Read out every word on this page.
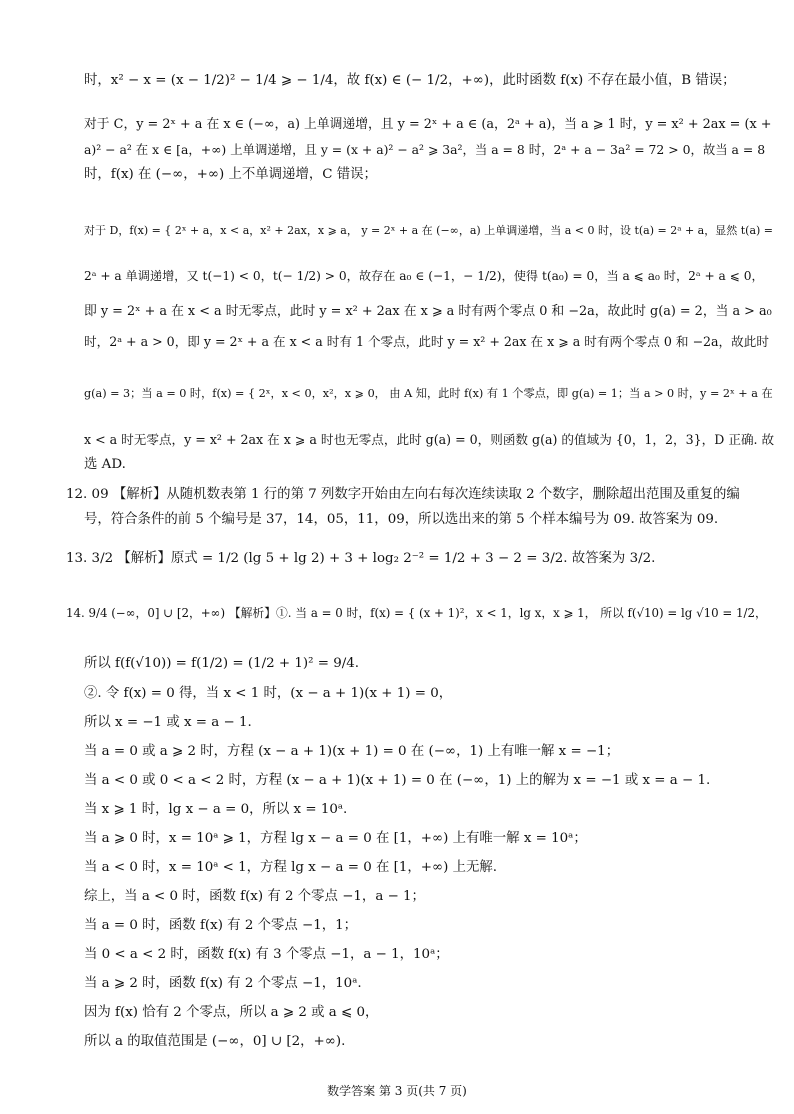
时，x² − x = (x − 1/2)² − 1/4 ⩾ − 1/4，故 f(x) ∈ (− 1/2，+∞)，此时函数 f(x) 不存在最小值，B 错误；
对于 C，y = 2ˣ + a 在 x ∈ (−∞，a) 上单调递增，且 y = 2ˣ + a ∈ (a，2ᵃ + a)，当 a ⩾ 1 时，y = x² + 2ax = (x +
a)² − a² 在 x ∈ [a，+∞) 上单调递增，且 y = (x + a)² − a² ⩾ 3a²，当 a = 8 时，2ᵃ + a − 3a² = 72 > 0，故当 a = 8
时，f(x) 在 (−∞，+∞) 上不单调递增，C 错误；
对于 D，f(x) = { 2ˣ + a，x < a，x² + 2ax，x ⩾ a， y = 2ˣ + a 在 (−∞，a) 上单调递增，当 a < 0 时，设 t(a) = 2ᵃ + a，显然 t(a) =
2ᵃ + a 单调递增，又 t(−1) < 0，t(− 1/2) > 0，故存在 a₀ ∈ (−1，− 1/2)，使得 t(a₀) = 0，当 a ⩽ a₀ 时，2ᵃ + a ⩽ 0，
即 y = 2ˣ + a 在 x < a 时无零点，此时 y = x² + 2ax 在 x ⩾ a 时有两个零点 0 和 −2a，故此时 g(a) = 2，当 a > a₀
时，2ᵃ + a > 0，即 y = 2ˣ + a 在 x < a 时有 1 个零点，此时 y = x² + 2ax 在 x ⩾ a 时有两个零点 0 和 −2a，故此时
g(a) = 3；当 a = 0 时，f(x) = { 2ˣ，x < 0，x²，x ⩾ 0， 由 A 知，此时 f(x) 有 1 个零点，即 g(a) = 1；当 a > 0 时，y = 2ˣ + a 在
x < a 时无零点，y = x² + 2ax 在 x ⩾ a 时也无零点，此时 g(a) = 0，则函数 g(a) 的值域为 {0，1，2，3}，D 正确. 故
选 AD.
12. 09 【解析】从随机数表第 1 行的第 7 列数字开始由左向右每次连续读取 2 个数字，删除超出范围及重复的编
号，符合条件的前 5 个编号是 37，14，05，11，09，所以选出来的第 5 个样本编号为 09. 故答案为 09.
13. 3/2 【解析】原式 = 1/2 (lg 5 + lg 2) + 3 + log₂ 2⁻² = 1/2 + 3 − 2 = 3/2. 故答案为 3/2.
14. 9/4 (−∞，0] ∪ [2，+∞) 【解析】①. 当 a = 0 时，f(x) = { (x + 1)²，x < 1，lg x，x ⩾ 1， 所以 f(√10) = lg √10 = 1/2，
所以 f(f(√10)) = f(1/2) = (1/2 + 1)² = 9/4.
②. 令 f(x) = 0 得，当 x < 1 时，(x − a + 1)(x + 1) = 0，
所以 x = −1 或 x = a − 1.
当 a = 0 或 a ⩾ 2 时，方程 (x − a + 1)(x + 1) = 0 在 (−∞，1) 上有唯一解 x = −1；
当 a < 0 或 0 < a < 2 时，方程 (x − a + 1)(x + 1) = 0 在 (−∞，1) 上的解为 x = −1 或 x = a − 1.
当 x ⩾ 1 时，lg x − a = 0，所以 x = 10ᵃ.
当 a ⩾ 0 时，x = 10ᵃ ⩾ 1，方程 lg x − a = 0 在 [1，+∞) 上有唯一解 x = 10ᵃ；
当 a < 0 时，x = 10ᵃ < 1，方程 lg x − a = 0 在 [1，+∞) 上无解.
综上，当 a < 0 时，函数 f(x) 有 2 个零点 −1，a − 1；
当 a = 0 时，函数 f(x) 有 2 个零点 −1，1；
当 0 < a < 2 时，函数 f(x) 有 3 个零点 −1，a − 1，10ᵃ；
当 a ⩾ 2 时，函数 f(x) 有 2 个零点 −1，10ᵃ.
因为 f(x) 恰有 2 个零点，所以 a ⩾ 2 或 a ⩽ 0，
所以 a 的取值范围是 (−∞，0] ∪ [2，+∞).
数学答案 第 3 页(共 7 页)
